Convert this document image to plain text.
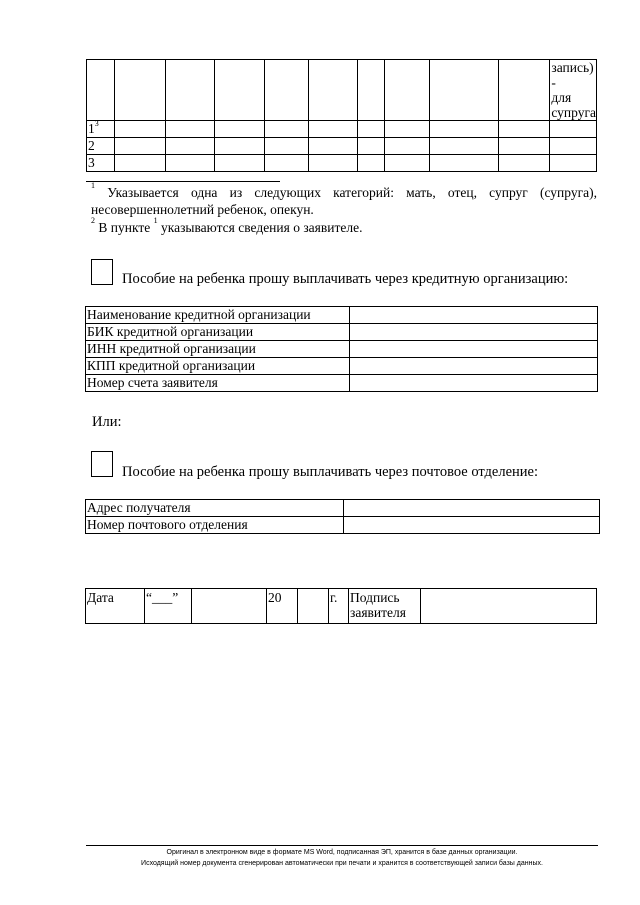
										запись) -
для
супруга

$1^3$										
2										
3										
$^1$ Указывается одна из следующих категорий: мать, отец, супруг (супруга), несовершеннолетний ребенок, опекун.
$^2$ В пункте $^1$ указываются сведения о заявителе.
Пособие на ребенка прошу выплачивать через кредитную организацию:
Наименование кредитной организации	
БИК кредитной организации	
ИНН кредитной организации	
КПП кредитной организации	
Номер счета заявителя	
Или:
Пособие на ребенка прошу выплачивать через почтовое отделение:
Адрес получателя	
Номер почтового отделения	
Дата	“___”		20		г.	Подпись
заявителя

Оригинал в электронном виде в формате MS Word, подписанная ЭП, хранится в базе данных организации.
Исходящий номер документа сгенерирован автоматически при печати и хранится в соответствующей записи базы данных.
